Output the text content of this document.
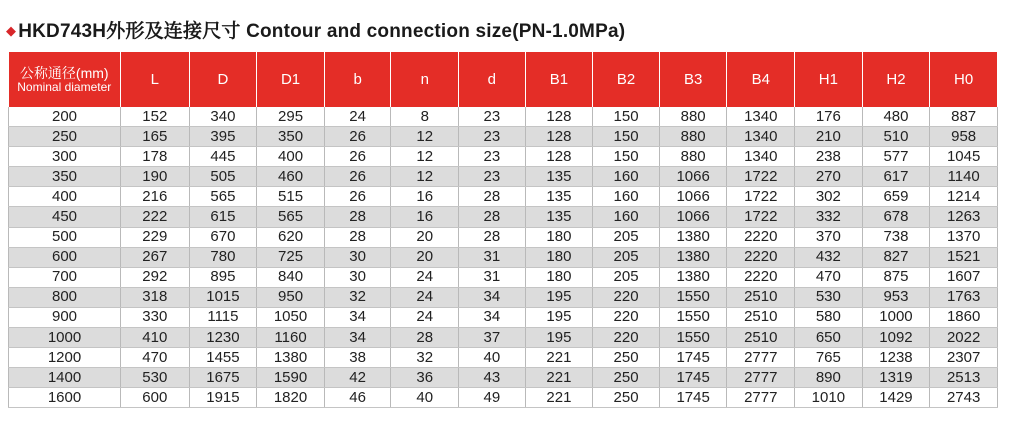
◆ HKD743H外形及连接尺寸 Contour and connection size(PN-1.0MPa)
公称通径(mm)
Nominal diameter	L	D	D1	b	n	d	B1	B2	B3	B4	H1	H2	H0
200	152	340	295	24	8	23	128	150	880	1340	176	480	887
250	165	395	350	26	12	23	128	150	880	1340	210	510	958
300	178	445	400	26	12	23	128	150	880	1340	238	577	1045
350	190	505	460	26	12	23	135	160	1066	1722	270	617	1140
400	216	565	515	26	16	28	135	160	1066	1722	302	659	1214
450	222	615	565	28	16	28	135	160	1066	1722	332	678	1263
500	229	670	620	28	20	28	180	205	1380	2220	370	738	1370
600	267	780	725	30	20	31	180	205	1380	2220	432	827	1521
700	292	895	840	30	24	31	180	205	1380	2220	470	875	1607
800	318	1015	950	32	24	34	195	220	1550	2510	530	953	1763
900	330	1115	1050	34	24	34	195	220	1550	2510	580	1000	1860
1000	410	1230	1160	34	28	37	195	220	1550	2510	650	1092	2022
1200	470	1455	1380	38	32	40	221	250	1745	2777	765	1238	2307
1400	530	1675	1590	42	36	43	221	250	1745	2777	890	1319	2513
1600	600	1915	1820	46	40	49	221	250	1745	2777	1010	1429	2743
